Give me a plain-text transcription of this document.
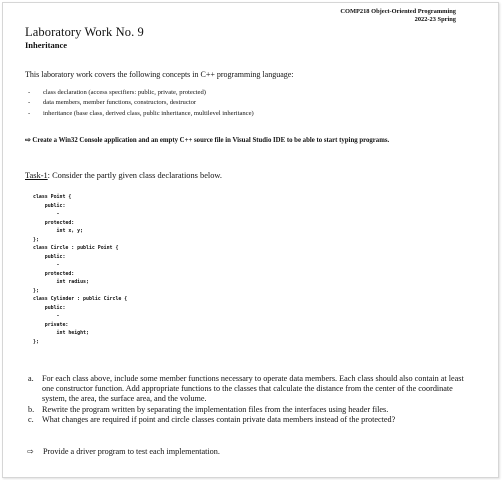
COMP218 Object-Oriented Programming
2022-23 Spring
Laboratory Work No. 9
Inheritance
This laboratory work covers the following concepts in C++ programming language:
- class declaration (access specifiers: public, private, protected)
- data members, member functions, constructors, destructor
- inheritance (base class, derived class, public inheritance, multilevel inheritance)
⇨ Create a Win32 Console application and an empty C++ source file in Visual Studio IDE to be able to start typing programs.
Task-1: Consider the partly given class declarations below.
class Point {
public:
-
protected:
int x, y;
};
class Circle : public Point {
public:
-
protected:
int radius;
};
class Cylinder : public Circle {
public:
-
private:
int height;
};
a. For each class above, include some member functions necessary to operate data members. Each class should also contain at least one constructor function. Add appropriate functions to the classes that calculate the distance from the center of the coordinate system, the area, the surface area, and the volume.
b. Rewrite the program written by separating the implementation files from the interfaces using header files.
c. What changes are required if point and circle classes contain private data members instead of the protected?
⇨ Provide a driver program to test each implementation.
